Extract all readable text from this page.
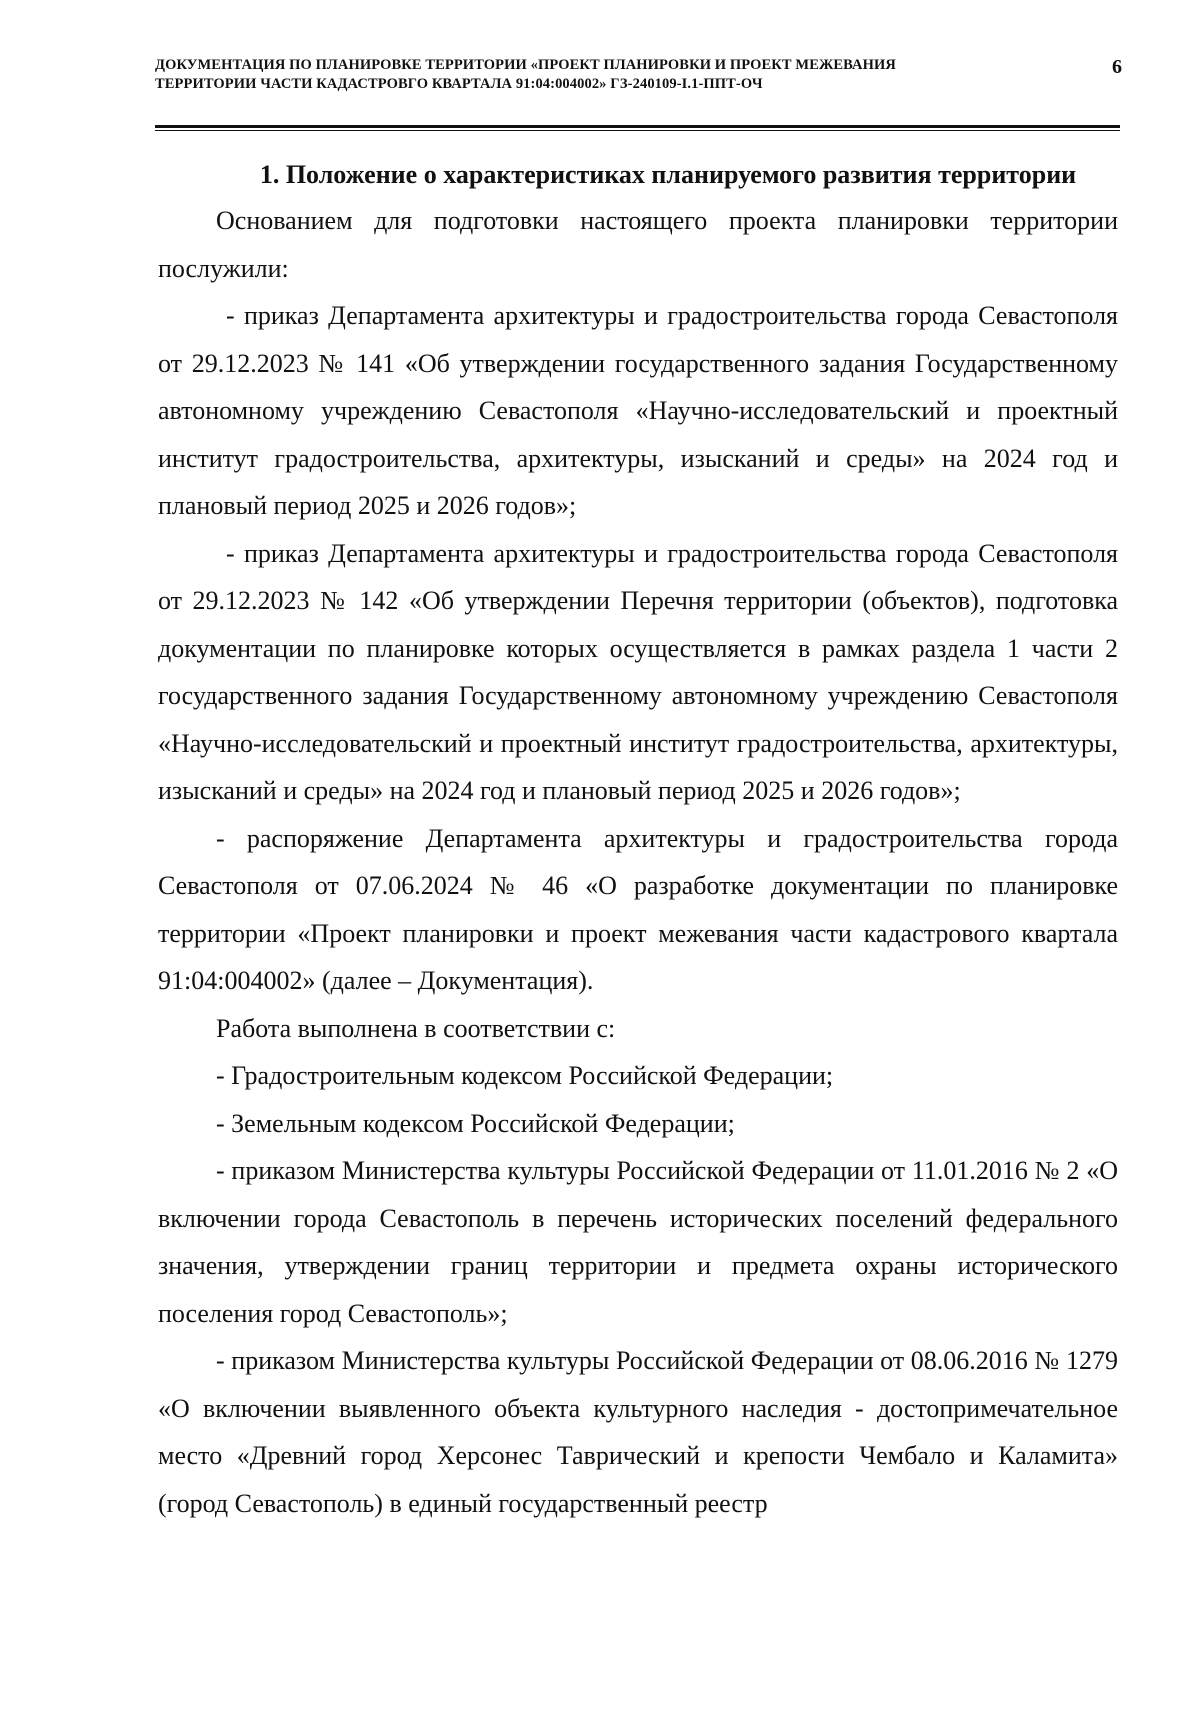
ДОКУМЕНТАЦИЯ ПО ПЛАНИРОВКЕ ТЕРРИТОРИИ «ПРОЕКТ ПЛАНИРОВКИ И ПРОЕКТ МЕЖЕВАНИЯ
ТЕРРИТОРИИ ЧАСТИ КАДАСТРОВГО КВАРТАЛА 91:04:004002» ГЗ-240109-I.1-ППТ-ОЧ
6

1. Положение о характеристиках планируемого развития территории

Основанием для подготовки настоящего проекта планировки территории послужили:

- приказ Департамента архитектуры и градостроительства города Севастополя от 29.12.2023 № 141 «Об утверждении государственного задания Государственному автономному учреждению Севастополя «Научно-исследовательский и проектный институт градостроительства, архитектуры, изысканий и среды» на 2024 год и плановый период 2025 и 2026 годов»;

- приказ Департамента архитектуры и градостроительства города Севастополя от 29.12.2023 № 142 «Об утверждении Перечня территории (объектов), подготовка документации по планировке которых осуществляется в рамках раздела 1 части 2 государственного задания Государственному автономному учреждению Севастополя «Научно-исследовательский и проектный институт градостроительства, архитектуры, изысканий и среды» на 2024 год и плановый период 2025 и 2026 годов»;

- распоряжение Департамента архитектуры и градостроительства города Севастополя от 07.06.2024 № 46 «О разработке документации по планировке территории «Проект планировки и проект межевания части кадастрового квартала 91:04:004002» (далее – Документация).

Работа выполнена в соответствии с:

- Градостроительным кодексом Российской Федерации;

- Земельным кодексом Российской Федерации;

- приказом Министерства культуры Российской Федерации от 11.01.2016 № 2 «О включении города Севастополь в перечень исторических поселений федерального значения, утверждении границ территории и предмета охраны исторического поселения город Севастополь»;

- приказом Министерства культуры Российской Федерации от 08.06.2016 № 1279 «О включении выявленного объекта культурного наследия - достопримечательное место «Древний город Херсонес Таврический и крепости Чембало и Каламита» (город Севастополь) в единый государственный реестр
